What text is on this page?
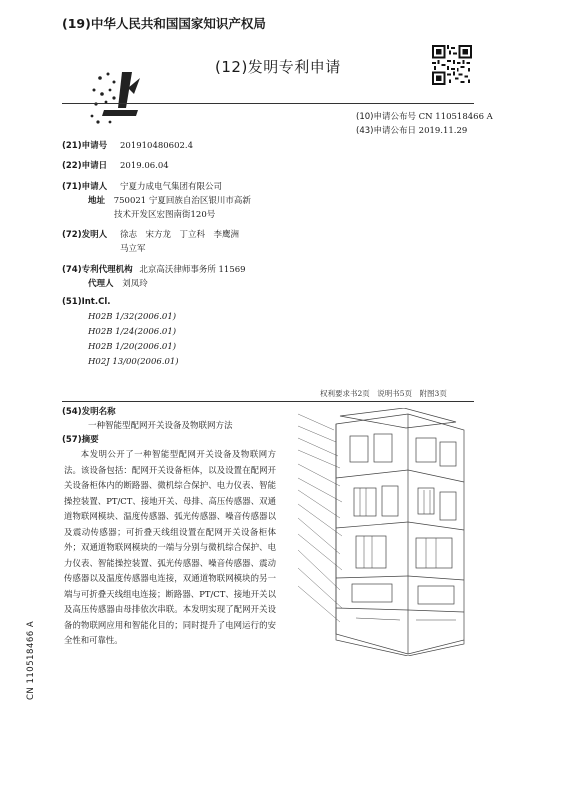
(19)中华人民共和国国家知识产权局
(12)发明专利申请
(10)申请公布号 CN 110518466 A
(43)申请公布日 2019.11.29
(21)申请号 201910480602.4
(22)申请日 2019.06.04
(71)申请人 宁夏力成电气集团有限公司
地址 750021 宁夏回族自治区银川市高新
技术开发区宏图南街120号
(72)发明人 徐志　宋方龙　丁立科　李鹰洲
马立军
(74)专利代理机构 北京高沃律师事务所 11569
代理人 刘凤玲
(51)Int.Cl.
H02B 1/32(2006.01)
H02B 1/24(2006.01)
H02B 1/20(2006.01)
H02J 13/00(2006.01)
权利要求书2页　说明书5页　附图3页
(54)发明名称
一种智能型配网开关设备及物联网方法
(57)摘要

本发明公开了一种智能型配网开关设备及物联网方法。该设备包括：配网开关设备柜体，以及设置在配网开关设备柜体内的断路器、微机综合保护、电力仪表、智能操控装置、PT/CT、接地开关、母排、高压传感器、双通道物联网模块、温度传感器、弧光传感器、噪音传感器以及震动传感器；可折叠天线组设置在配网开关设备柜体外；双通道物联网模块的一端与分别与微机综合保护、电力仪表、智能操控装置、弧光传感器、噪音传感器、震动传感器以及温度传感器电连接，双通道物联网模块的另一端与可折叠天线组电连接；断路器、PT/CT、接地开关以及高压传感器由母排依次串联。本发明实现了配网开关设备的物联网应用和智能化目的；同时提升了电网运行的安全性和可靠性。

CN 110518466 A
